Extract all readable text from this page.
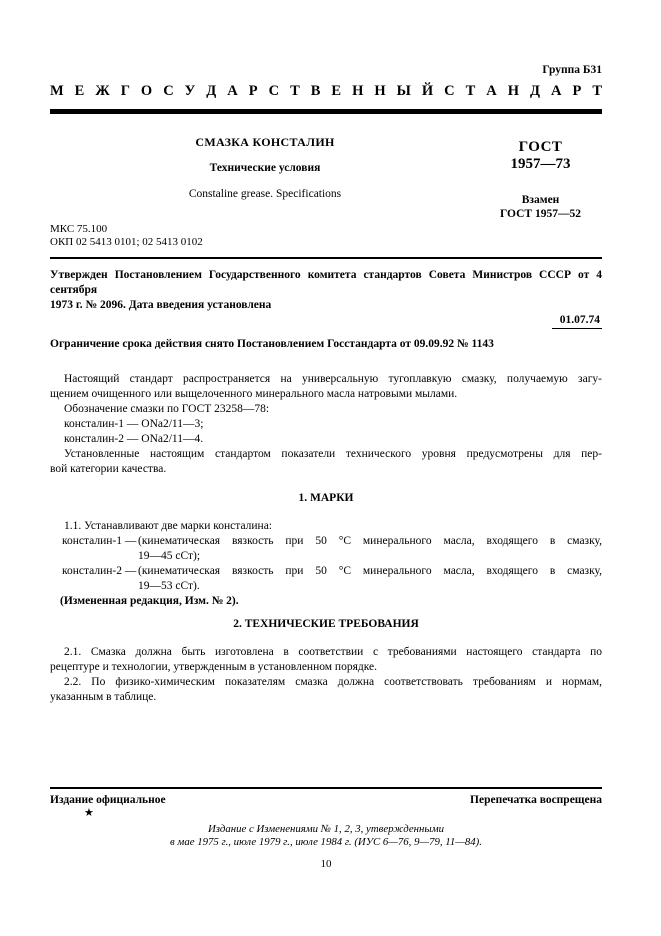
Группа Б31
М Е Ж Г О С У Д А Р С Т В Е Н Н Ы Й С Т А Н Д А Р Т
СМАЗКА КОНСТАЛИН
Технические условия
Constaline grease. Specifications
ГОСТ
1957—73
Взамен
ГОСТ 1957—52
МКС 75.100
ОКП 02 5413 0101; 02 5413 0102
Утвержден Постановлением Государственного комитета стандартов Совета Министров СССР от 4 сентября
1973 г. № 2096. Дата введения установлена
01.07.74
Ограничение срока действия снято Постановлением Госстандарта от 09.09.92 № 1143
Настоящий стандарт распространяется на универсальную тугоплавкую смазку, получаемую загу-
щением очищенного или выщелоченного минерального масла натровыми мылами.
Обозначение смазки по ГОСТ 23258—78:
консталин-1 — ONa2/11—3;
консталин-2 — ONa2/11—4.
Установленные настоящим стандартом показатели технического уровня предусмотрены для пер-
вой категории качества.
1. МАРКИ
1.1. Устанавливают две марки консталина:
консталин-1 — (кинематическая вязкость при 50 °С минерального масла, входящего в смазку,
19—45 сСт);
консталин-2 — (кинематическая вязкость при 50 °С минерального масла, входящего в смазку,
19—53 сСт).
(Измененная редакция, Изм. № 2).
2. ТЕХНИЧЕСКИЕ ТРЕБОВАНИЯ
2.1. Смазка должна быть изготовлена в соответствии с требованиями настоящего стандарта по
рецептуре и технологии, утвержденным в установленном порядке.
2.2. По физико-химическим показателям смазка должна соответствовать требованиям и нормам,
указанным в таблице.
Издание официальное	Перепечатка воспрещена
★
Издание с Изменениями № 1, 2, 3, утвержденными
в мае 1975 г., июле 1979 г., июле 1984 г. (ИУС 6—76, 9—79, 11—84).
10
